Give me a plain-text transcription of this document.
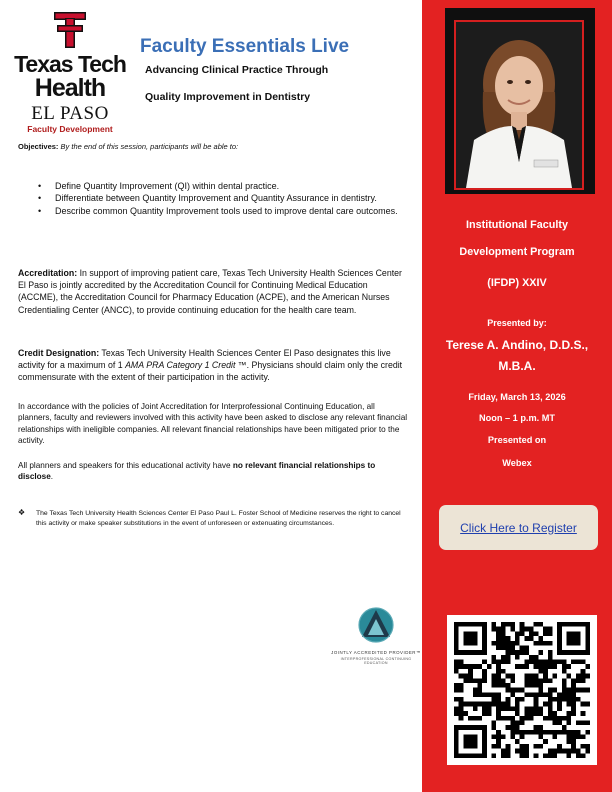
Texas Tech
Health
EL PASO
Faculty Development
Faculty Essentials Live
Advancing Clinical Practice Through
Quality Improvement in Dentistry
Objectives: By the end of this session, participants will be able to:
• Define Quantity Improvement (QI) within dental practice.
• Differentiate between Quantity Improvement and Quantity Assurance in dentistry.
• Describe common Quantity Improvement tools used to improve dental care outcomes.
Accreditation: In support of improving patient care, Texas Tech University Health Sciences Center El Paso is jointly accredited by the Accreditation Council for Continuing Medical Education (ACCME), the Accreditation Council for Pharmacy Education (ACPE), and the American Nurses Credentialing Center (ANCC), to provide continuing education for the health care team.
Credit Designation: Texas Tech University Health Sciences Center El Paso designates this live activity for a maximum of 1 AMA PRA Category 1 Credit ™. Physicians should claim only the credit commensurate with the extent of their participation in the activity.
In accordance with the policies of Joint Accreditation for Interprofessional Continuing Education, all planners, faculty and reviewers involved with this activity have been asked to disclose any relevant financial relationships with ineligible companies. All relevant financial relationships have been mitigated prior to the activity.
All planners and speakers for this educational activity have no relevant financial relationships to disclose.
❖ The Texas Tech University Health Sciences Center El Paso Paul L. Foster School of Medicine reserves the right to cancel this activity or make speaker substitutions in the event of unforeseen or extenuating circumstances.
JOINTLY ACCREDITED PROVIDER™
INTERPROFESSIONAL CONTINUING EDUCATION
Institutional Faculty
Development Program
(IFDP) XXIV
Presented by:
Terese A. Andino, D.D.S.,
M.B.A.
Friday, March 13, 2026
Noon – 1 p.m. MT
Presented on
Webex
Click Here to Register
